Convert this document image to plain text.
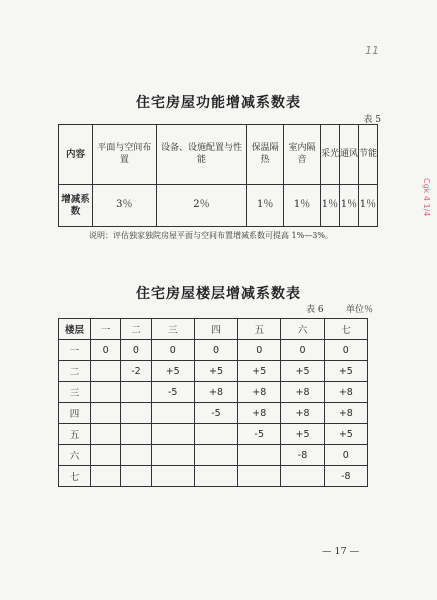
11
Cgk 4 1/4
住宅房屋功能增减系数表
表 5
内容	平面与空间布置	设备、设施配置与性能	保温隔热	室内隔音	采光	通风	节能
增减系数	3％	2％	1％	1％	1％	1％	1％
说明：评估独家独院房屋平面与空间布置增减系数可提高 1%—3%。
住宅房屋楼层增减系数表
表 6 单位％
楼层	一	二	三	四	五	六	七
一	0	0	0	0	0	0	0
二		-2	+5	+5	+5	+5	+5
三			-5	+8	+8	+8	+8
四				-5	+8	+8	+8
五					-5	+5	+5
六						-8	0
七							-8
— 17 —
